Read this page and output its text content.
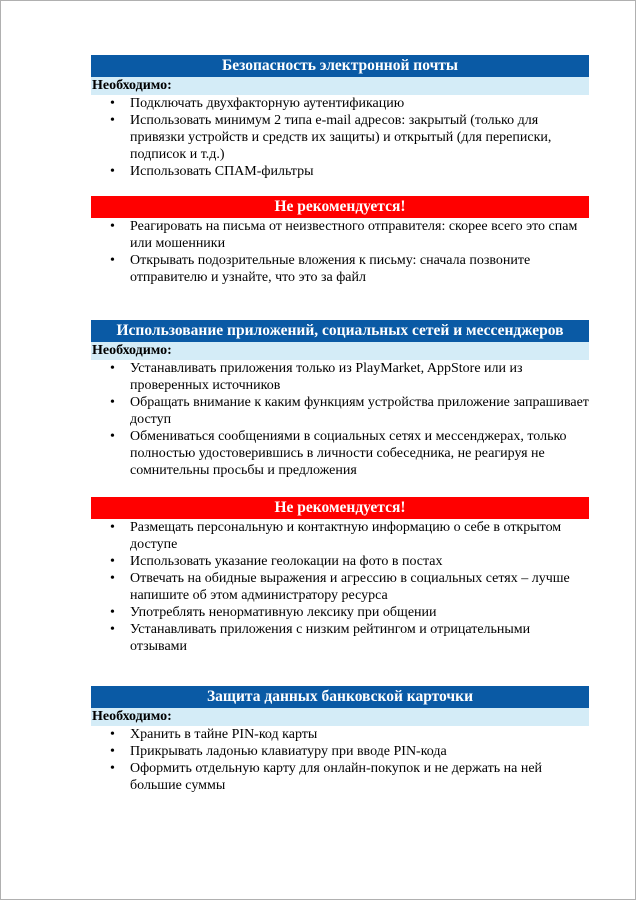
Безопасность электронной почты
Необходимо:
• Подключать двухфакторную аутентификацию
• Использовать минимум 2 типа e-mail адресов: закрытый (только для привязки устройств и средств их защиты) и открытый (для переписки, подписок и т.д.)
• Использовать СПАМ-фильтры
Не рекомендуется!
• Реагировать на письма от неизвестного отправителя: скорее всего это спам или мошенники
• Открывать подозрительные вложения к письму: сначала позвоните отправителю и узнайте, что это за файл
Использование приложений, социальных сетей и мессенджеров
Необходимо:
• Устанавливать приложения только из PlayMarket, AppStore или из проверенных источников
• Обращать внимание к каким функциям устройства приложение запрашивает доступ
• Обмениваться сообщениями в социальных сетях и мессенджерах, только полностью удостоверившись в личности собеседника, не реагируя не сомнительны просьбы и предложения
Не рекомендуется!
• Размещать персональную и контактную информацию о себе в открытом доступе
• Использовать указание геолокации на фото в постах
• Отвечать на обидные выражения и агрессию в социальных сетях – лучше напишите об этом администратору ресурса
• Употреблять ненормативную лексику при общении
• Устанавливать приложения с низким рейтингом и отрицательными отзывами
Защита данных банковской карточки
Необходимо:
• Хранить в тайне PIN-код карты
• Прикрывать ладонью клавиатуру при вводе PIN-кода
• Оформить отдельную карту для онлайн-покупок и не держать на ней большие суммы
